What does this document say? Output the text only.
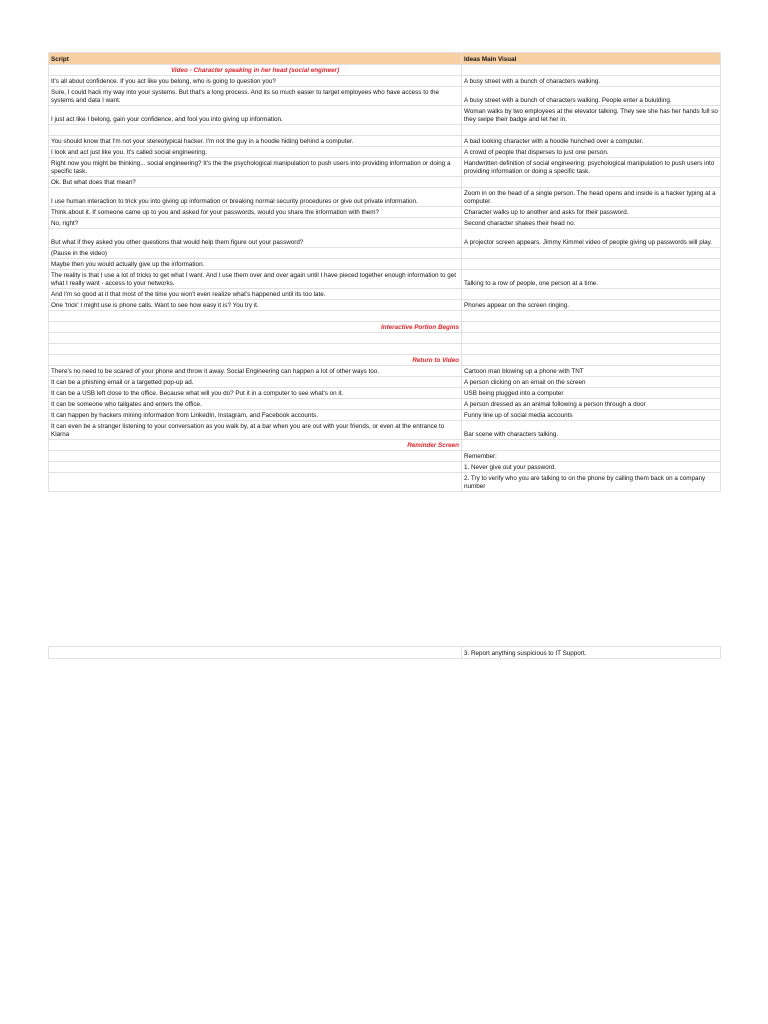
Script	Ideas Main Visual
Video - Character speaking in her head (social engineer)	
It's all about confidence. If you act like you belong, who is going to question you?	A busy street with a bunch of characters walking.
Sure, I could hack my way into your systems. But that's a long process. And its so much easier to target employees who have access to the systems and data I want.	A busy street with a bunch of characters walking. People enter a buiulding.
I just act like I belong, gain your confidence, and fool you into giving up information.	Woman walks by two employees at the elevator talking. They see she has her hands full so they swipe their badge and let her in.

You should know that I'm not your stereotypical hacker. I'm not the guy in a hoodie hiding behind a computer.	A bad looking character with a hoodie hunched over a computer.
I look and act just like you. It's called social engineering.	A crowd of people that disperses to just one person.
Right now you might be thinking... social engineering? It's the the psychological manipulation to push users into providing information or doing a specific task.	Handwritten definition of social engineering: psychological manipulation to push users into providing information or doing a specific task.
Ok. But what does that mean?	
I use human interaction to trick you into giving up information or breaking normal security procedures or give out private information.	Zoom in on the head of a single person. The head opens and inside is a hacker typing at a computer.
Think about it. If someone came up to you and asked for your passwords, would you share the information with them?	Character walks up to another and asks for their password.
No, right?	Second character shakes their head no.
But what if they asked you other questions that would help them figure out your password?	A projector screen appears. Jimmy Kimmel video of people giving up passwords will play.
(Pause in the video)	
Maybe then you would actually give up the information.	
The reality is that I use a lot of tricks to get what I want. And I use them over and over again until I have pieced together enough information to get what I really want - access to your networks.	Talking to a row of people, one person at a time.
And I'm so good at it that most of the time you won't even realize what's happened until its too late.	
One 'trick' I might use is phone calls. Want to see how easy it is? You try it.	Phones appear on the screen ringing.

Interactive Portion Begins	

Return to Video	
There's no need to be scared of your phone and throw it away. Social Engineering can happen a lot of other ways too.	Cartoon man blowing up a phone with TNT
It can be a phishing email or a targetted pop-up ad.	A person clicking on an email on the screen
It can be a USB left close to the office. Because what will you do? Put it in a computer to see what's on it.	USB being plugged into a computer
It can be someone who tailgates and enters the office.	A person dressed as an animal following a person through a door
It can happen by hackers mining information from LinkedIn, Instagram, and Facebook accounts.	Funny line up of social media accounts
It can even be a stranger listening to your conversation as you walk by, at a bar when you are out with your friends, or even at the entrance to Klarna	Bar scene with characters talking.
Reminder Screen	
	Remember:
	1. Never give out your password.
	2. Try to verify who you are talking to on the phone by calling them back on a company number
	3. Report anything suspicious to IT Support.
